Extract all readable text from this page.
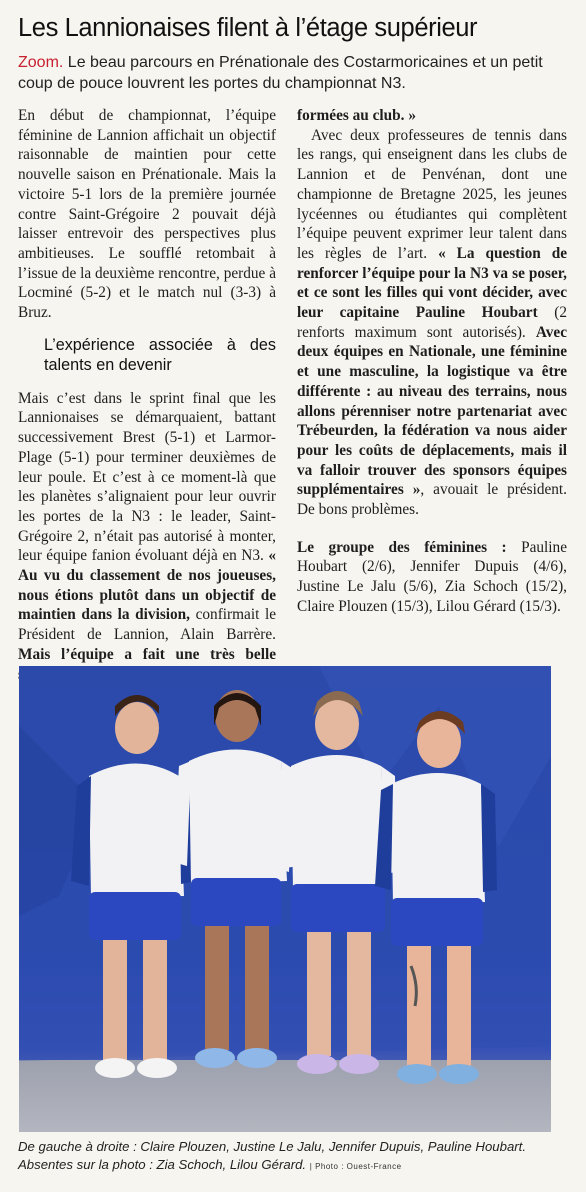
Les Lannionaises filent à l’étage supérieur
Zoom. Le beau parcours en Prénationale des Costarmoricaines et un petit coup de pouce louvrent les portes du championnat N3.

En début de championnat, l’équipe féminine de Lannion affichait un objectif raisonnable de maintien pour cette nouvelle saison en Prénationale. Mais la victoire 5-1 lors de la première journée contre Saint-Grégoire 2 pouvait déjà laisser entrevoir des perspectives plus ambitieuses. Le soufflé retombait à l’issue de la deuxième rencontre, perdue à Locminé (5-2) et le match nul (3-3) à Bruz.

L’expérience associée à des talents en devenir

Mais c’est dans le sprint final que les Lannionaises se démarquaient, battant successivement Brest (5-1) et Larmor-Plage (5-1) pour terminer deuxièmes de leur poule. Et c’est à ce moment-là que les planètes s’alignaient pour leur ouvrir les portes de la N3 : le leader, Saint-Grégoire 2, n’était pas autorisé à monter, leur équipe fanion évoluant déjà en N3. « Au vu du classement de nos joueuses, nous étions plutôt dans un objectif de maintien dans la division, confirmait le Président de Lannion, Alain Barrère. Mais l’équipe a fait une très belle

formées au club. »

Avec deux professeures de tennis dans les rangs, qui enseignent dans les clubs de Lannion et de Penvénan, dont une championne de Bretagne 2025, les jeunes lycéennes ou étudiantes qui complètent l’équipe peuvent exprimer leur talent dans les règles de l’art. « La question de renforcer l’équipe pour la N3 va se poser, et ce sont les filles qui vont décider, avec leur capitaine Pauline Houbart (2 renforts maximum sont autorisés). Avec deux équipes en Nationale, une féminine et une masculine, la logistique va être différente : au niveau des terrains, nous allons pérenniser notre partenariat avec Trébeurden, la fédération va nous aider pour les coûts de déplacements, mais il va falloir trouver des sponsors équipes supplémentaires », avouait le président. De bons problèmes.

Le groupe des féminines : Pauline Houbart (2/6), Jennifer Dupuis (4/6), Justine Le Jalu (5/6), Zia Schoch (15/2), Claire Plouzen (15/3), Lilou Gérard (15/3).

De gauche à droite : Claire Plouzen, Justine Le Jalu, Jennifer Dupuis, Pauline Houbart. Absentes sur la photo : Zia Schoch, Lilou Gérard. | Photo : Ouest-France
